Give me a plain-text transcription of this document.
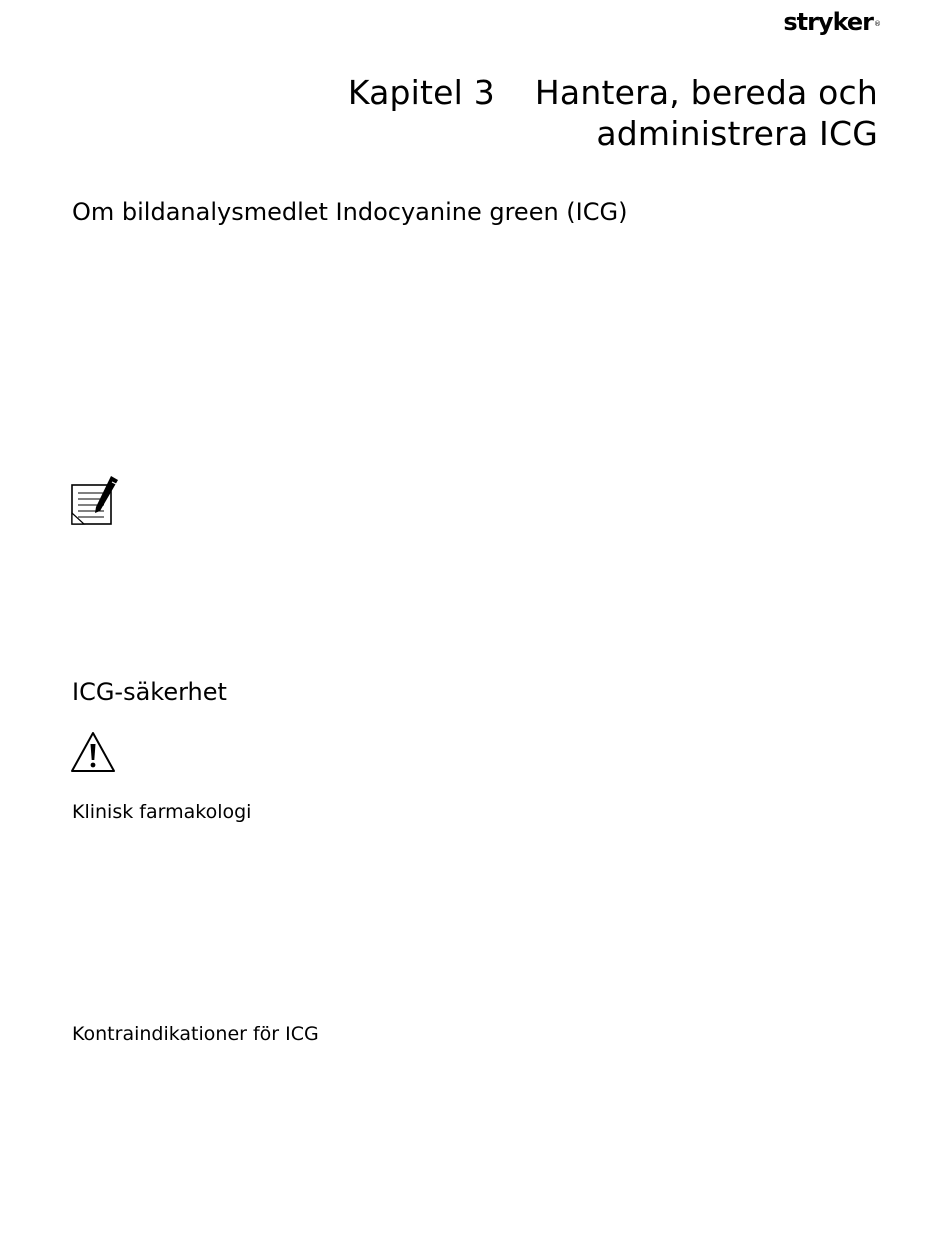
stryker®
Kapitel 3 Hantera, bereda och
administrera ICG
Om bildanalysmedlet Indocyanine green (ICG)
ICG-säkerhet
Klinisk farmakologi
Kontraindikationer för ICG
